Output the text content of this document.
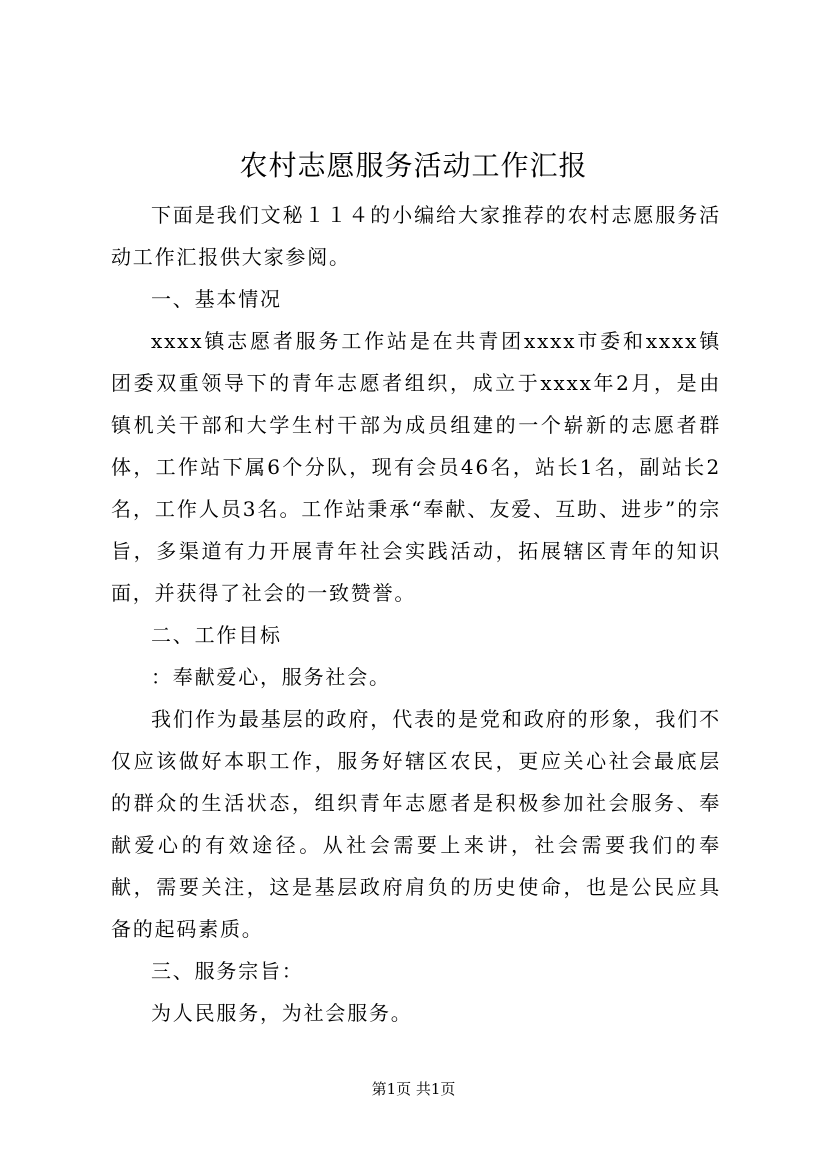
农村志愿服务活动工作汇报

下面是我们文秘１１４的小编给大家推荐的农村志愿服务活动工作汇报供大家参阅。

一、基本情况

xxxx镇志愿者服务工作站是在共青团xxxx市委和xxxx镇团委双重领导下的青年志愿者组织，成立于xxxx年2月，是由镇机关干部和大学生村干部为成员组建的一个崭新的志愿者群体，工作站下属6个分队，现有会员46名，站长1名，副站长2名，工作人员3名。工作站秉承“奉献、友爱、互助、进步”的宗旨，多渠道有力开展青年社会实践活动，拓展辖区青年的知识面，并获得了社会的一致赞誉。

二、工作目标

：奉献爱心，服务社会。

我们作为最基层的政府，代表的是党和政府的形象，我们不仅应该做好本职工作，服务好辖区农民，更应关心社会最底层的群众的生活状态，组织青年志愿者是积极参加社会服务、奉献爱心的有效途径。从社会需要上来讲，社会需要我们的奉献，需要关注，这是基层政府肩负的历史使命，也是公民应具备的起码素质。

三、服务宗旨：

为人民服务，为社会服务。

第1页 共1页
